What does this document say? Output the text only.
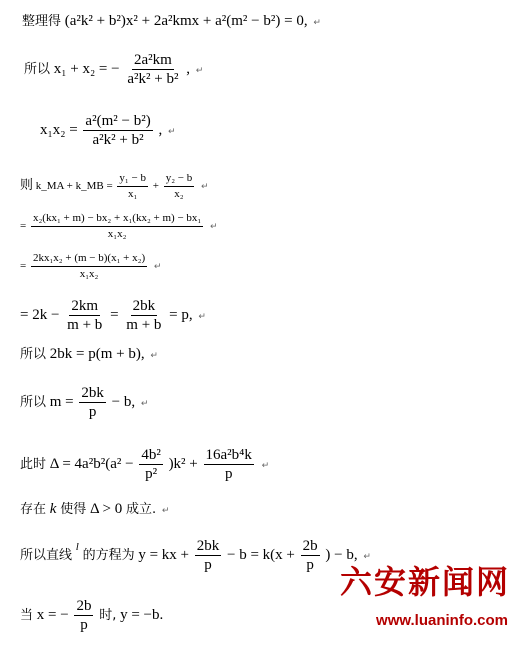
整理得 (a²k² + b²)x² + 2a²kmx + a²(m² − b²) = 0, ↵
所以 x₁ + x₂ = − $\frac{\text{2a²km}}{\text{a²k² + b²}}$ , ↵
$x_1x_2 = \frac{\text{a²(m² − b²)}}{\text{a²k² + b²}}$ , ↵
则 k_MA + k_MB = $\frac{\text{y₁ − b}}{\text{x₁}} + \frac{\text{y₂ − b}}{\text{x₂}}$ ↵
= $\frac{\text{x₂(kx₁ + m) − bx₂ + x₁(kx₂ + m) − bx₁}}{\text{x₁x₂}}$ ↵
= $\frac{\text{2kx₁x₂ + (m − b)(x₁ + x₂)}}{\text{x₁x₂}}$ ↵
= $2k - \frac{2km}{m + b} = \frac{2bk}{m + b} = p$, ↵
所以 2bk = p(m + b), ↵
所以 $m = \frac{2bk}{p} - b$, ↵
此时 $\Delta = 4a^2b^2(a^2 - \frac{\text{4b²}}{\text{p²}} )k^2 + \frac{\text{16a²b⁴k}}{p}$ ↵
存在 k 使得 Δ > 0 成立. ↵
所以直线 $^l$ 的方程为 y = kx + $\frac{2bk}{p} - b = k(x + \frac{2b}{p}$ ) − b, ↵
当 x = − $\frac{2b}{p}$ 时, y = −b.
六安新闻网
www.luaninfo.com
